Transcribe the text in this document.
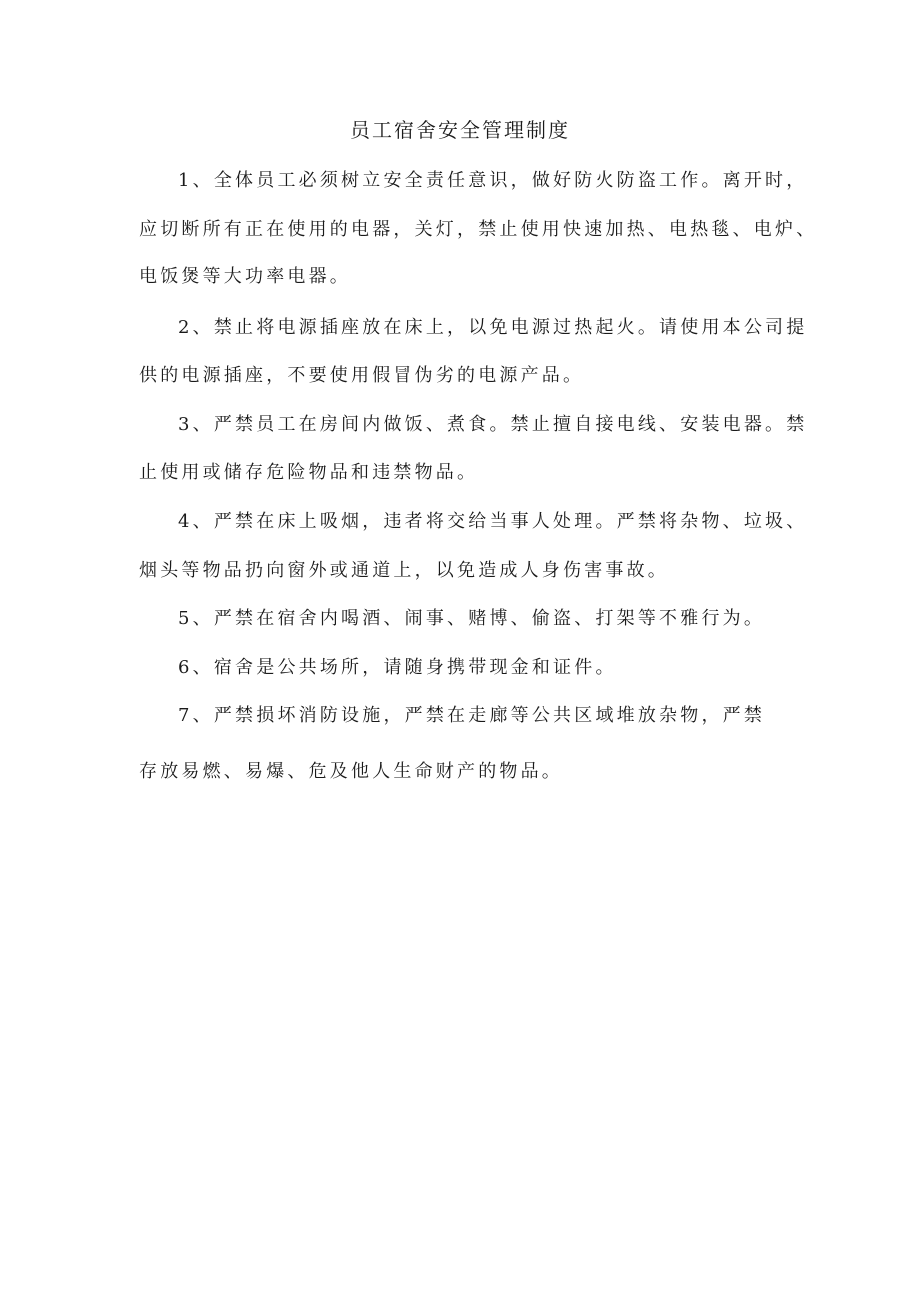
员工宿舍安全管理制度
1、全体员工必须树立安全责任意识，做好防火防盗工作。离开时，
应切断所有正在使用的电器，关灯，禁止使用快速加热、电热毯、电炉、
电饭煲等大功率电器。
2、禁止将电源插座放在床上，以免电源过热起火。请使用本公司提
供的电源插座，不要使用假冒伪劣的电源产品。
3、严禁员工在房间内做饭、煮食。禁止擅自接电线、安装电器。禁
止使用或储存危险物品和违禁物品。
4、严禁在床上吸烟，违者将交给当事人处理。严禁将杂物、垃圾、
烟头等物品扔向窗外或通道上，以免造成人身伤害事故。
5、严禁在宿舍内喝酒、闹事、赌博、偷盗、打架等不雅行为。
6、宿舍是公共场所，请随身携带现金和证件。
7、严禁损坏消防设施，严禁在走廊等公共区域堆放杂物，严禁
存放易燃、易爆、危及他人生命财产的物品。
